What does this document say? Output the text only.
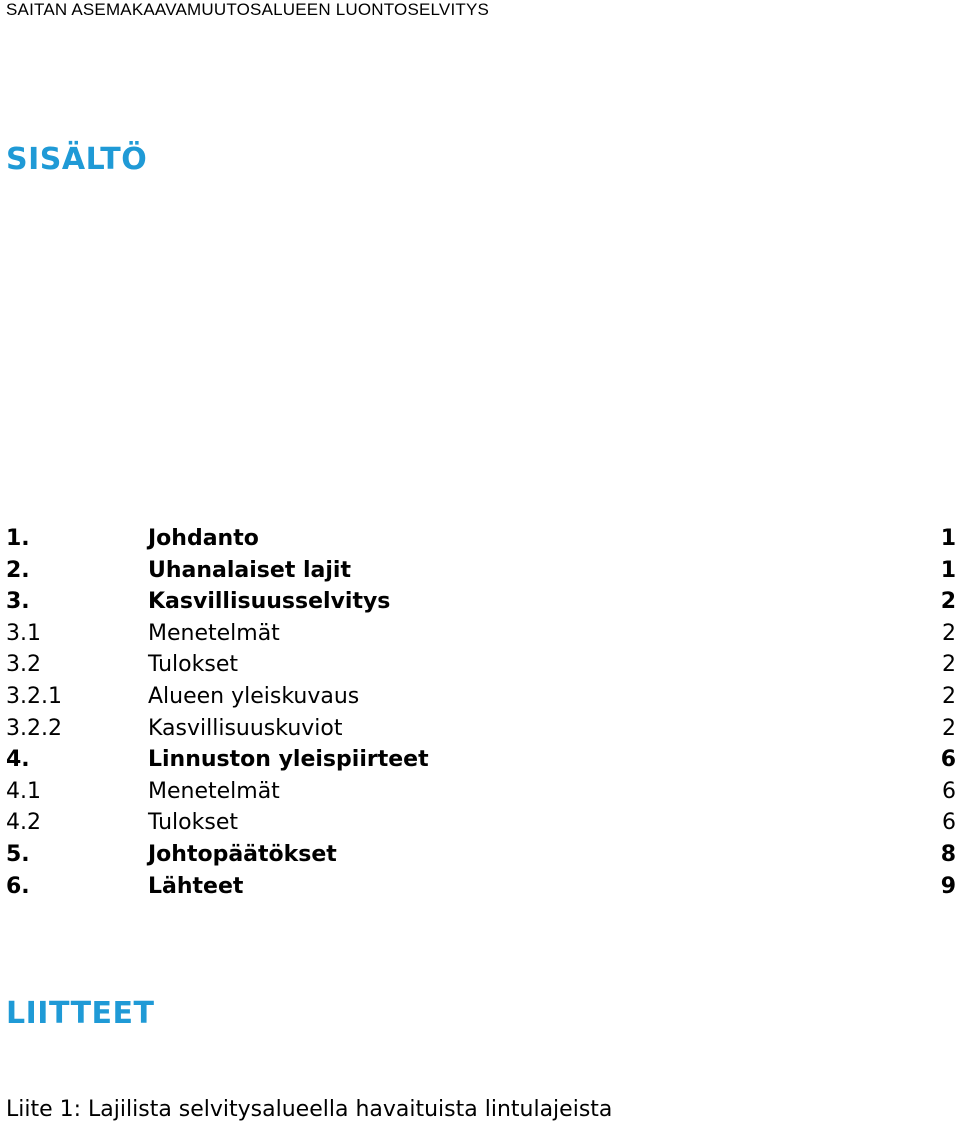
SAITAN ASEMAKAAVAMUUTOSALUEEN LUONTOSELVITYS
SISÄLTÖ
1.	Johdanto	1
2.	Uhanalaiset lajit	1
3.	Kasvillisuusselvitys	2
3.1	Menetelmät	2
3.2	Tulokset	2
3.2.1	Alueen yleiskuvaus	2
3.2.2	Kasvillisuuskuviot	2
4.	Linnuston yleispiirteet	6
4.1	Menetelmät	6
4.2	Tulokset	6
5.	Johtopäätökset	8
6.	Lähteet	9
LIITTEET
Liite 1: Lajilista selvitysalueella havaituista lintulajeista
